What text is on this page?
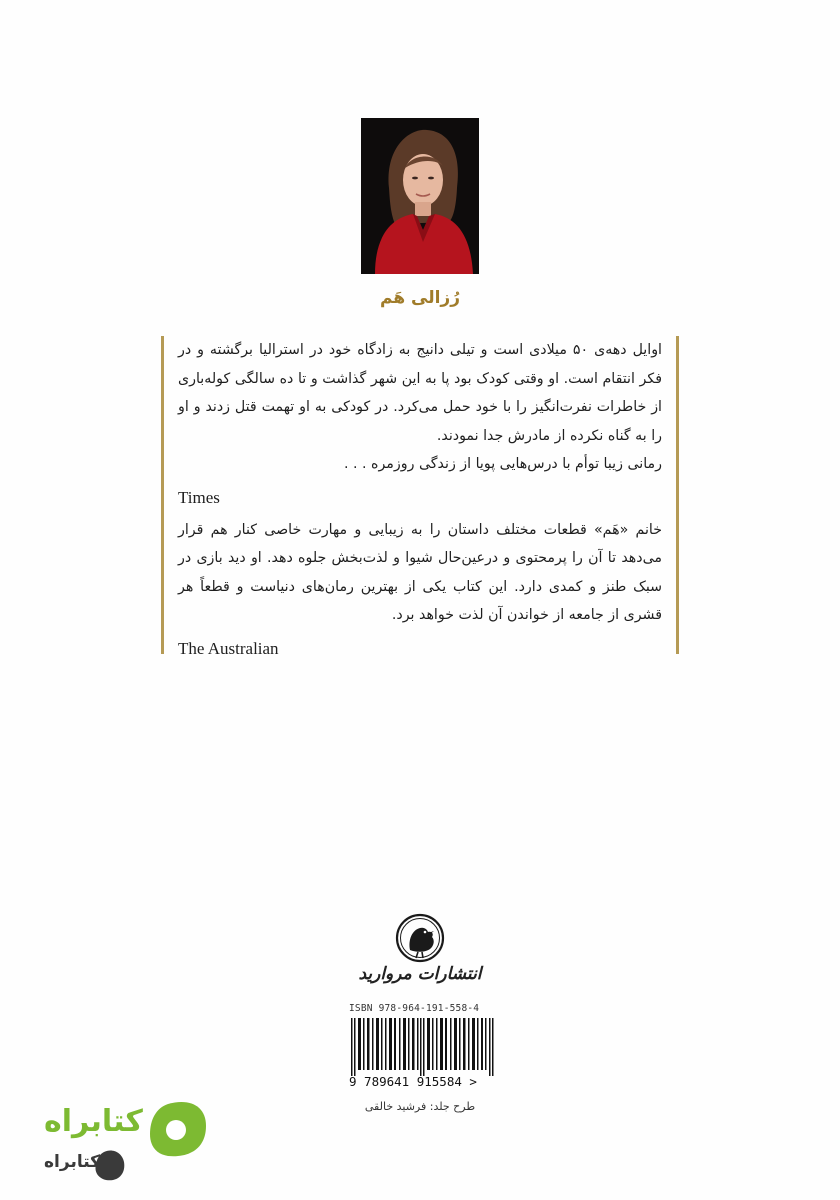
رُزالی هَم

اوایل دهه‌ی ۵۰ میلادی است و تیلی دانیج به زادگاه خود در استرالیا برگشته و در فکر انتقام است. او وقتی کودک بود پا به این شهر گذاشت و تا ده سالگی کوله‌باری از خاطرات نفرت‌انگیز را با خود حمل می‌کرد. در کودکی به او تهمت قتل زدند و او را به گناه نکرده از مادرش جدا نمودند.

رمانی زیبا توأم با درس‌هایی پویا از زندگی روزمره . . .

Times

خانم «هَم» قطعات مختلف داستان را به زیبایی و مهارت خاصی کنار هم قرار می‌دهد تا آن را پرمحتوی و درعین‌حال شیوا و لذت‌بخش جلوه دهد. او دید بازی در سبک طنز و کمدی دارد. این کتاب یکی از بهترین رمان‌های دنیاست و قطعاً هر قشری از جامعه از خواندن آن لذت خواهد برد.

The Australian
انتشارات مروارید
ISBN 978-964-191-558-4
9 789641 915584 >
طرح جلد: فرشید خالقی
کتابراه
کتابراه
